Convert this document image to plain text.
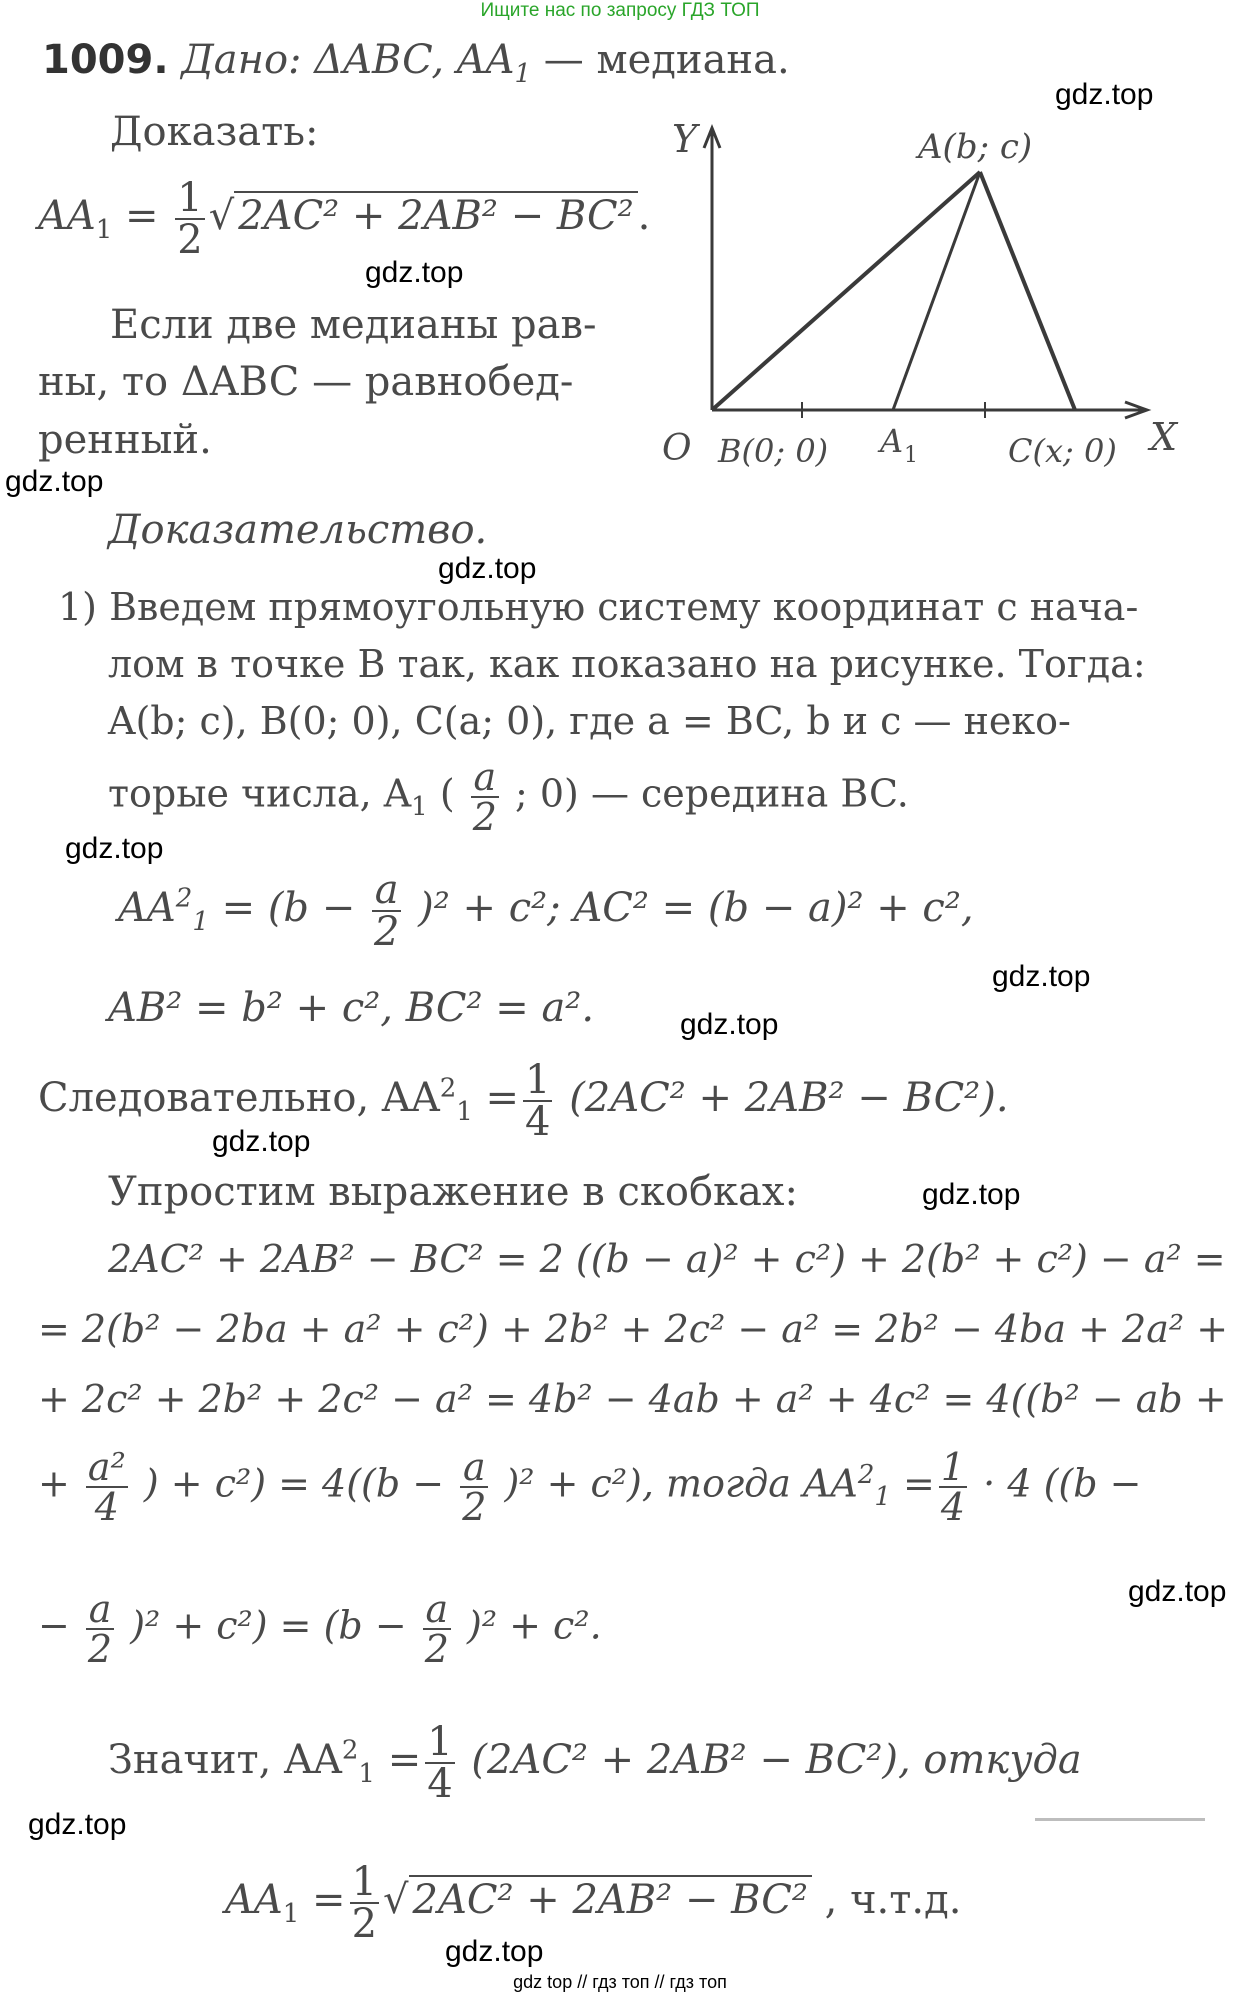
Ищите нас по запросу ГДЗ ТОП
1009. Дано: ΔABC, $AA_1$ — медиана.
Доказать:
$AA_1 = \frac{1}{2}$ √ 2AC² + 2AB² − BC² .
Если две медианы рав-
ны, то ΔABC — равнобед-
ренный.
Y
X
O
A(b; c)
B(0; 0) A 1	C(x; 0)
Доказательство.
1) Введем прямоугольную систему координат с нача-
лом в точке B так, как показано на рисунке. Тогда:
A(b; c), B(0; 0), C(a; 0), где a = BC, b и c — неко-
торые числа, $A_1$ ( $\frac{a}{2}$ ; 0) — середина BC.
$AA^2_1 = (b - \frac{a}{2} )^2 + c^2$; AC² = (b − a)² + c²,
AB² = b² + c², BC² = a².
Следовательно, $AA^2_1 = \frac{1}{4} (2AC^2 + 2AB^2 - BC^2)$.
Упростим выражение в скобках:
2AC² + 2AB² − BC² = 2 ((b − a)² + c²) + 2(b² + c²) − a² =
= 2(b² − 2ba + a² + c²) + 2b² + 2c² − a² = 2b² − 4ba + 2a² +
+ 2c² + 2b² + 2c² − a² = 4b² − 4ab + a² + 4c² = 4((b² − ab +
+ $\frac{\text{a²}}{4}$ ) + $c^2) = 4((b - \frac{a}{2} )^2 + c^2)$, тогда $AA^2_1 = \frac{1}{4} \cdot 4$ ((b −
− $\frac{a}{2} )^2 + c^2) = (b - \frac{a}{2} )^2 + c^2$.
Значит, $AA^2_1 = \frac{1}{4} (2AC^2 + 2AB^2 - BC^2)$, откуда
$AA_1 = \frac{1}{2}$ √ 2AC² + 2AB² − BC² , ч.т.д.
gdz.top
gdz.top
gdz.top
gdz.top
gdz.top
gdz.top
gdz.top
gdz.top
gdz.top
gdz.top
gdz.top
gdz.top
gdz top // гдз топ // гдз топ
